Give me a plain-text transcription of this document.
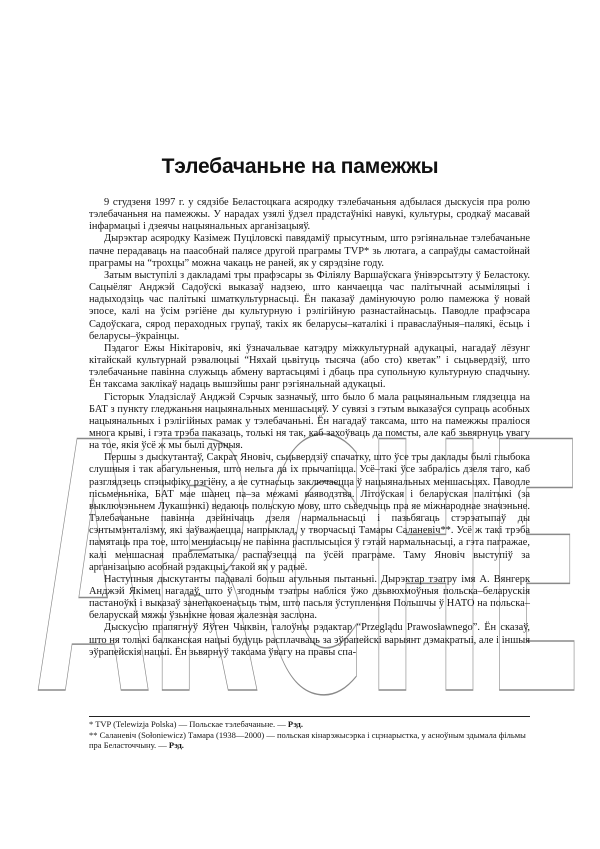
ARCHE
Тэлебачаньне на памежжы

9 студзеня 1997 г. у сядзібе Беластоцкага асяродку тэлебачаньня адбылася дыскусія пра ролю тэлебачаньня на памежжы. У нарадах узялі ўдзел прадстаўнікі навукі, культуры, сродкаў масавай інфармацыі і дзеячы нацыянальных арганізацыяў.

Дырэктар асяродку Казімеж Пуціловскі павядаміў прысутным, што рэгіянальнае тэлебачаньне пачне перадаваць на паасобнай палясе другой праграмы TVP* зь лютага, а сапраўды самастойнай праграмы на “трохцы” можна чакаць не раней, як у сярэдзіне году.

Затым выступілі з дакладамі тры прафэсары зь Філіялу Варшаўскага ўнівэрсытэту ў Беластоку. Сацыёляг Анджэй Садоўскі выказаў надзею, што канчаецца час палітычнай асыміляцыі і надыходзіць час палітыкі шматкультурнасьці. Ён паказаў дамінуючую ролю памежжа ў новай эпосе, калі на ўсім рэгіёне ды культурную і рэлігійную разнастайнасьць. Паводле прафэсара Садоўскага, сярод пераходных групаў, такіх як беларусы–каталікі і праваслаўныя–палякі, ёсьць і беларусы–ўкраінцы.

Пэдагог Ежы Нікітаровіч, які ўзначальвае катэдру міжкультурнай адукацыі, нагадаў лёзунг кітайскай культурнай рэвалюцыі “Няхай цьвітуць тысяча (або сто) кветак” і сьцьвердзіў, што тэлебачаньне павінна служыць абмену вартасьцямі і дбаць пра супольную культурную спадчыну. Ён таксама заклікаў надаць вышэйшы ранг рэгіянальнай адукацыі.

Гісторык Уладзіслаў Анджэй Сэрчык зазначыў, што было б мала рацыянальным глядзецца на БАТ з пункту гледжаньня нацыянальных меншасьцяў. У сувязі з гэтым выказаўся супраць асобных нацыянальных і рэлігійных рамак у тэлебачаньні. Ён нагадаў таксама, што на памежжы праліося многа крыві, і гэта трэба паказаць, толькі ня так, каб захоўваць да помсты, але каб зьвярнуць увагу на тое, якія ўсё ж мы былі дурныя.

Першы з дыскутантаў, Сакрат Яновіч, сьцьвердзіў спачатку, што ўсе тры даклады былі глыбока слушныя і так абагульненыя, што нельга да іх прычапіцца. Усё–такі ўсе забралісь дзеля таго, каб разглядзець спэцыфіку рэгіёну, а яе сутнасьць заключаецца ў нацыянальных меншасьцях. Паводле пісьменьніка, БАТ мае шанец па–за межамі ваяводзтва. Літоўская і беларуская палітыкі (за выключэньнем Лукашэнкі) ведаюць польскую мову, што сьведчыць пра яе міжнароднае значэньне. Тэлебачаньне павінна дзейнічаць дзеля нармальнасьці і пазьбягаць стэрэатыпаў ды сэнтымэнталізму, які заўважаецца, напрыклад, у творчасьці Тамары Саланевіч**. Усё ж такі трэба памятаць пра тое, што меншасьць не павінна расплысьціся ў гэтай нармальнасьці, а гэта пагражае, калі меншасная праблематыка распаўзецца па ўсёй праграме. Таму Яновіч выступіў за арганізацыю асобнай рэдакцыі, такой як у радыё.

Наступныя дыскутанты падавалі больш агульныя пытаньні. Дырэктар тэатру імя А. Вянгерк Анджэй Якімец нагадаў, што ў згодным тэатры набліся ўжо дзьвюхмоўныя польска–беларускія пастаноўкі і выказаў занепакоенасьць тым, што пасьля ўступленьня Польшчы ў НАТО на польска–беларускай мяжы ўзьнікне новая жалезная заслона.

Дыскусію прапягнуў Яўген Чыквін, галоўны рэдактар “Przeglądu Prawosławnego”. Ён сказаў, што ня толькі балканская нацыі будуць расплачваць за эўрапейскі варыянт дэмакратыі, але і іншыя эўрапейскія нацыі. Ён зьвярнуў таксама ўвагу на правы спа-

* TVP (Telewizja Polska) — Польскае тэлебачаньне. — Рэд.

** Саланевіч (Sołoniewicz) Тамара (1938—2000) — польская кінарэжысэрка і сцэнарыстка, у асноўным здымала фільмы пра Беласточчыну. — Рэд.
